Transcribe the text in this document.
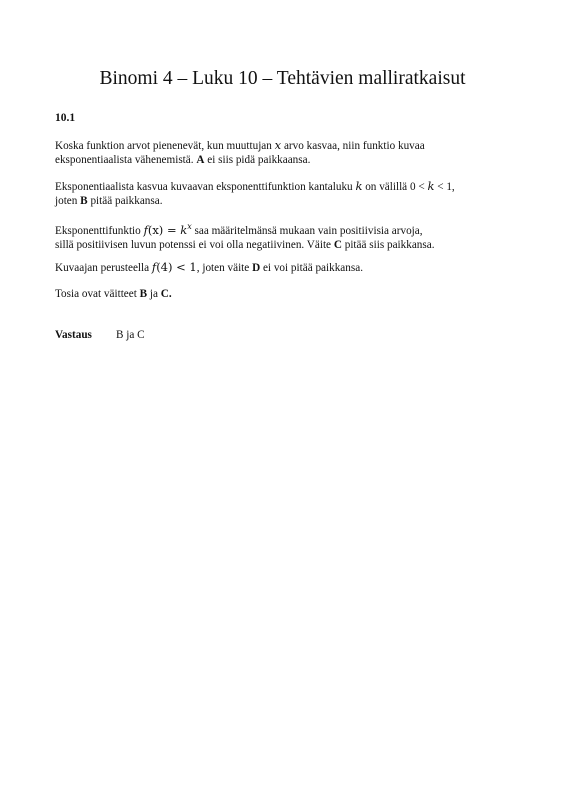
Binomi 4 – Luku 10 – Tehtävien malliratkaisut
10.1

Koska funktion arvot pienenevät, kun muuttujan x arvo kasvaa, niin funktio kuvaa
eksponentiaalista vähenemistä. A ei siis pidä paikkaansa.

Eksponentiaalista kasvua kuvaavan eksponenttifunktion kantaluku k on välillä 0 < k < 1,
joten B pitää paikkansa.

Eksponenttifunktio $f(x) = k^x$ saa määritelmänsä mukaan vain positiivisia arvoja,
sillä positiivisen luvun potenssi ei voi olla negatiivinen. Väite C pitää siis paikkansa.

Kuvaajan perusteella f(4) < 1, joten väite D ei voi pitää paikkansa.

Tosia ovat väitteet B ja C.

Vastaus B ja C
